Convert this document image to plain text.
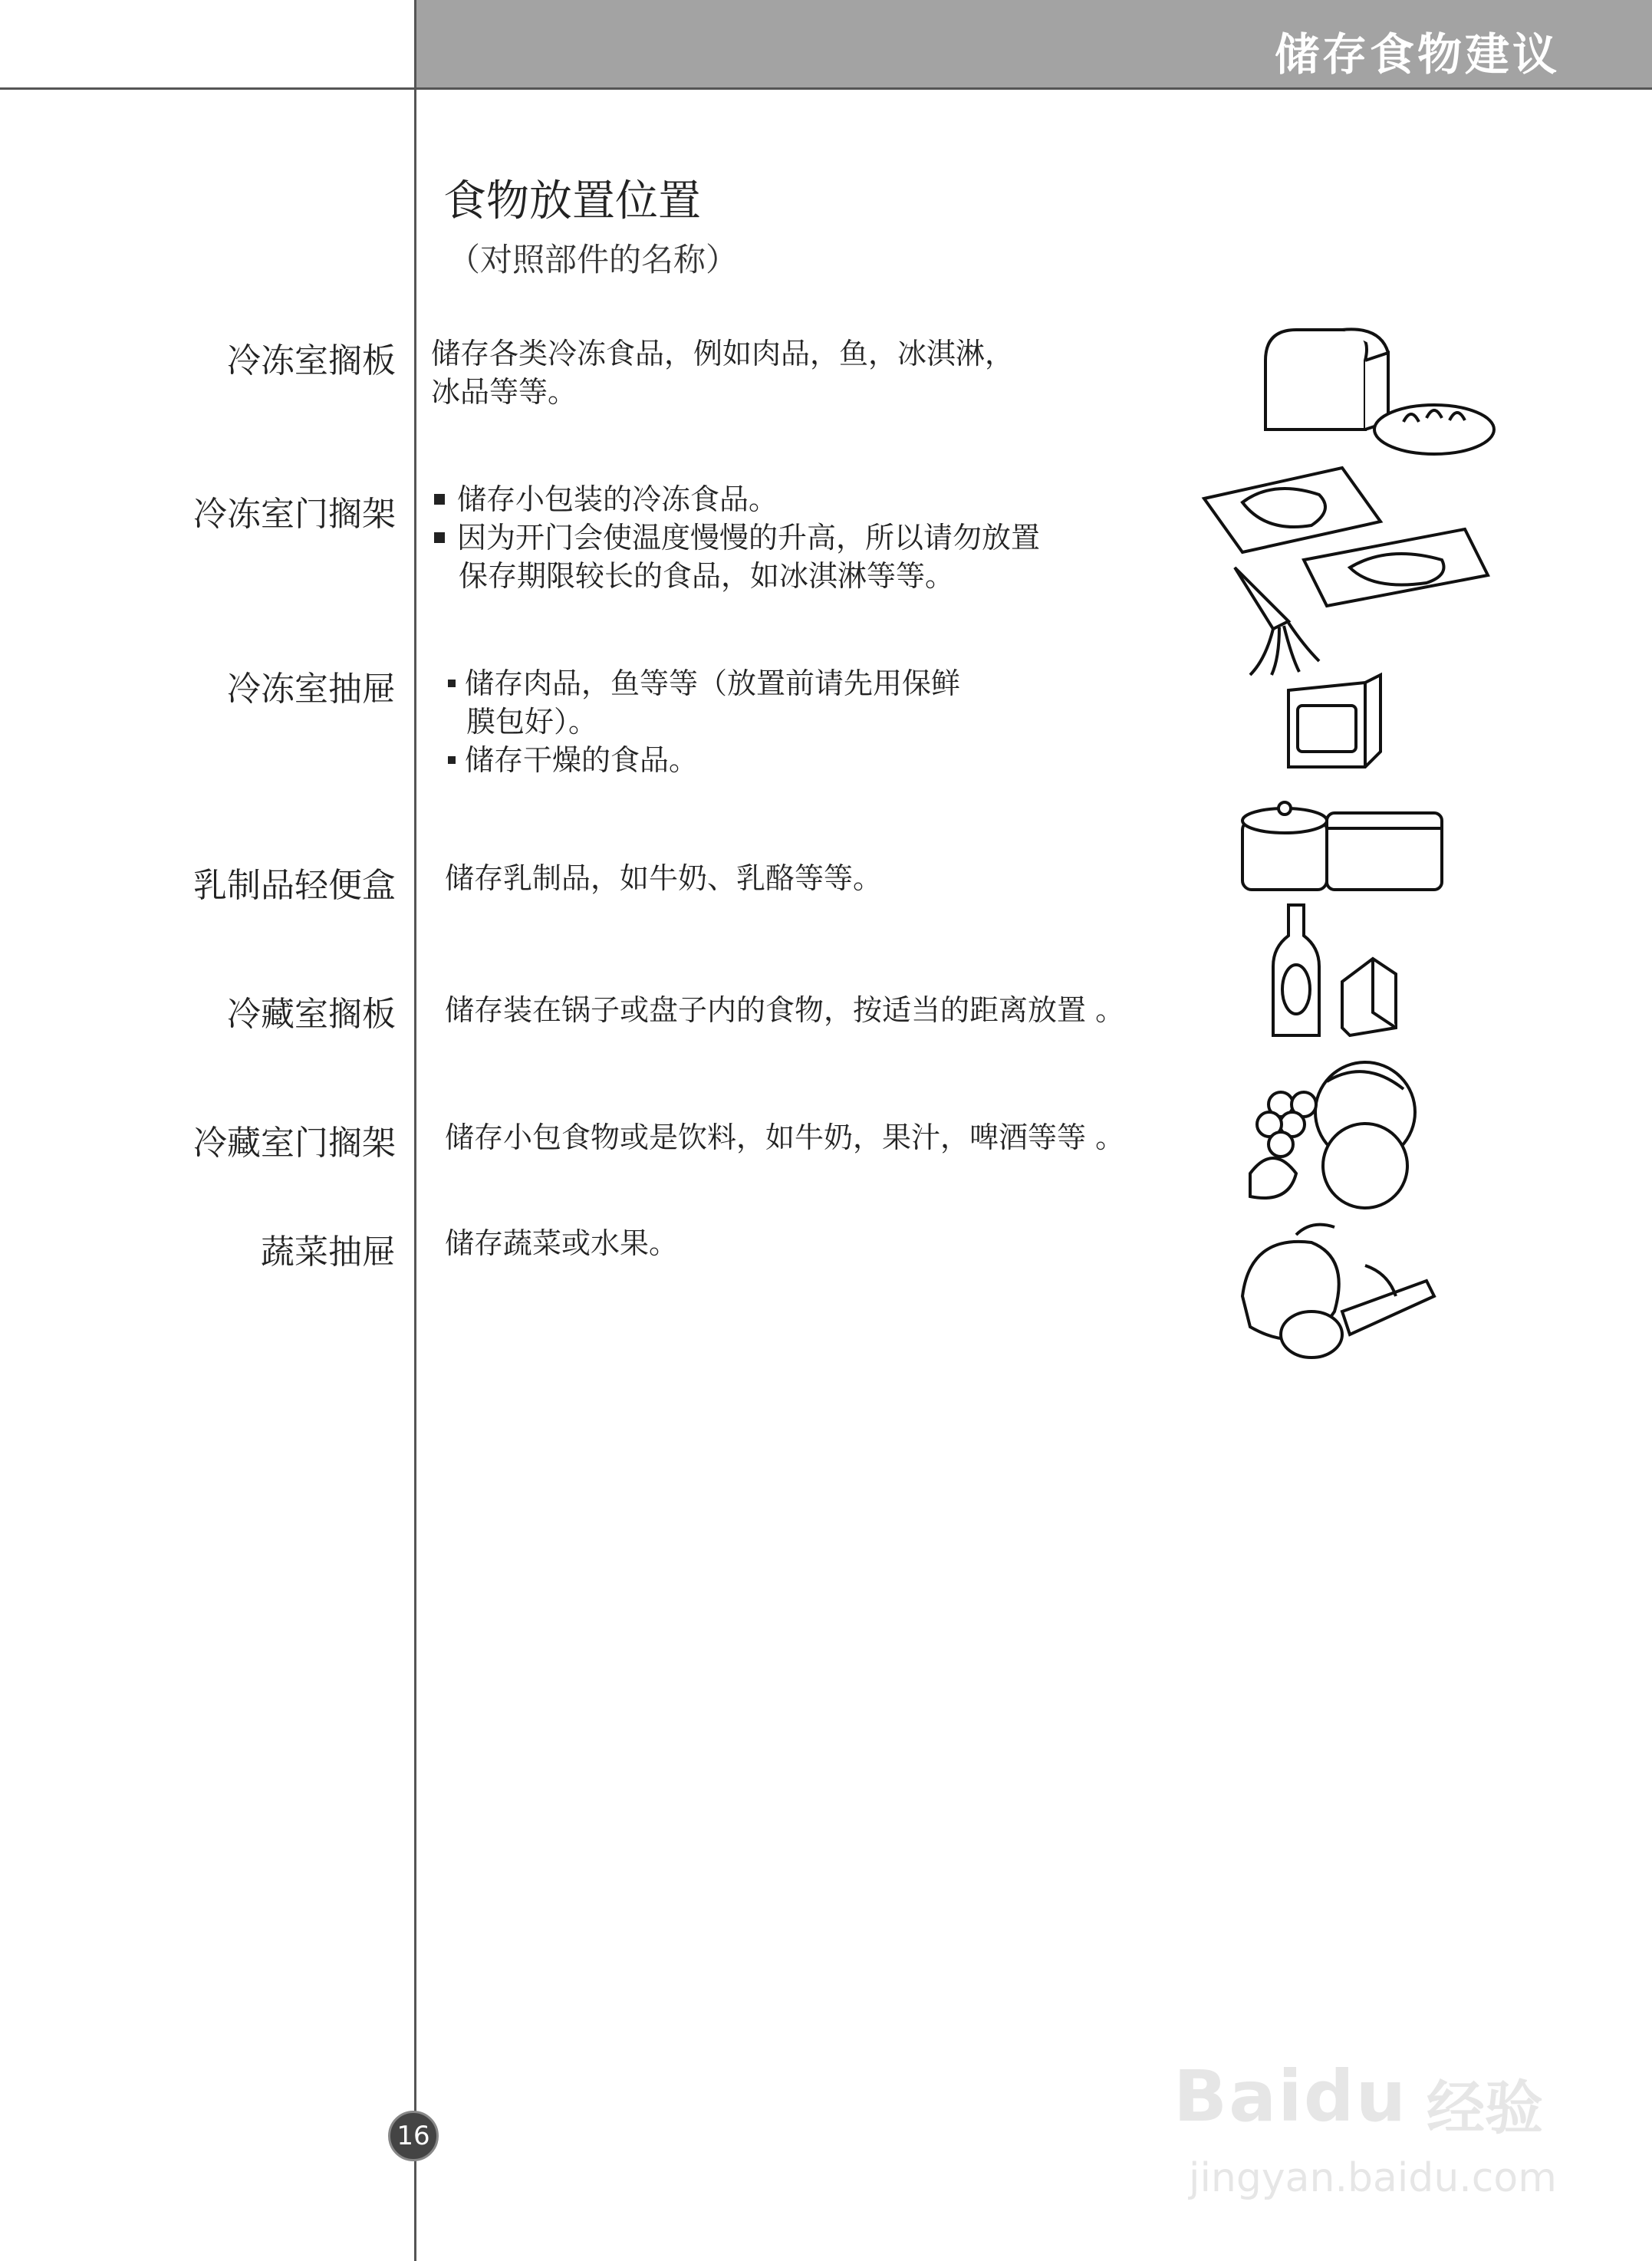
储存食物建议
食物放置位置
（对照部件的名称）
冷冻室搁板 储存各类冷冻食品，例如肉品，鱼，冰淇淋，

冰品等等。

冷冻室门搁架 储存小包装的冷冻食品。
因为开门会使温度慢慢的升高，所以请勿放置

保存期限较长的食品，如冰淇淋等等。

冷冻室抽屉 储存肉品，鱼等等（放置前请先用保鲜

膜包好）。

储存干燥的食品。
乳制品轻便盒 储存乳制品，如牛奶、乳酪等等。

冷藏室搁板 储存装在锅子或盘子内的食物，按适当的距离放置 。

冷藏室门搁架 储存小包食物或是饮料，如牛奶，果汁，啤酒等等 。

蔬菜抽屉 储存蔬菜或水果。

16	Baidu 经验
jingyan.baidu.com
